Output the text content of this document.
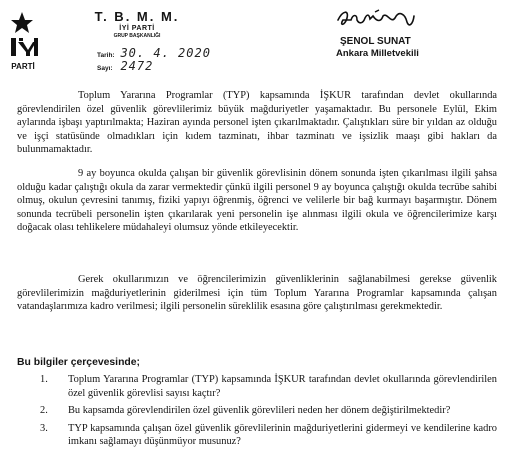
PARTİ
T. B. M. M.
İYİ PARTİ
GRUP BAŞKANLIĞI
Tarih: 30. 4. 2020
Sayı: 2472
ŞENOL SUNAT
Ankara Milletvekili
Toplum Yararına Programlar (TYP) kapsamında İŞKUR tarafından devlet okullarında görevlendirilen özel güvenlik görevlilerimiz büyük mağduriyetler yaşamaktadır. Bu personele Eylül, Ekim aylarında işbaşı yaptırılmakta; Haziran ayında personel işten çıkarılmaktadır. Çalıştıkları süre bir yıldan az olduğu ve işçi statüsünde olmadıkları için kıdem tazminatı, ihbar tazminatı ve işsizlik maaşı gibi hakları da bulunmamaktadır.
9 ay boyunca okulda çalışan bir güvenlik görevlisinin dönem sonunda işten çıkarılması ilgili şahsa olduğu kadar çalıştığı okula da zarar vermektedir çünkü ilgili personel 9 ay boyunca çalıştığı okulda tecrübe sahibi olmuş, okulun çevresini tanımış, fiziki yapıyı öğrenmiş, öğrenci ve velilerle bir bağ kurmayı başarmıştır. Dönem sonunda tecrübeli personelin işten çıkarılarak yeni personelin işe alınması ilgili okula ve öğrencilerimize karşı doğacak olası tehlikelere müdahaleyi olumsuz yönde etkileyecektir.
Gerek okullarımızın ve öğrencilerimizin güvenliklerinin sağlanabilmesi gerekse güvenlik görevlilerimizin mağduriyetlerinin giderilmesi için tüm Toplum Yararına Programlar kapsamında çalışan vatandaşlarımıza kadro verilmesi; ilgili personelin süreklilik esasına göre çalıştırılması gerekmektedir.
Bu bilgiler çerçevesinde;
1. Toplum Yararına Programlar (TYP) kapsamında İŞKUR tarafından devlet okullarında görevlendirilen özel güvenlik görevlisi sayısı kaçtır?
2. Bu kapsamda görevlendirilen özel güvenlik görevlileri neden her dönem değiştirilmektedir?
3. TYP kapsamında çalışan özel güvenlik görevlilerinin mağduriyetlerini gidermeyi ve kendilerine kadro imkanı sağlamayı düşünmüyor musunuz?
